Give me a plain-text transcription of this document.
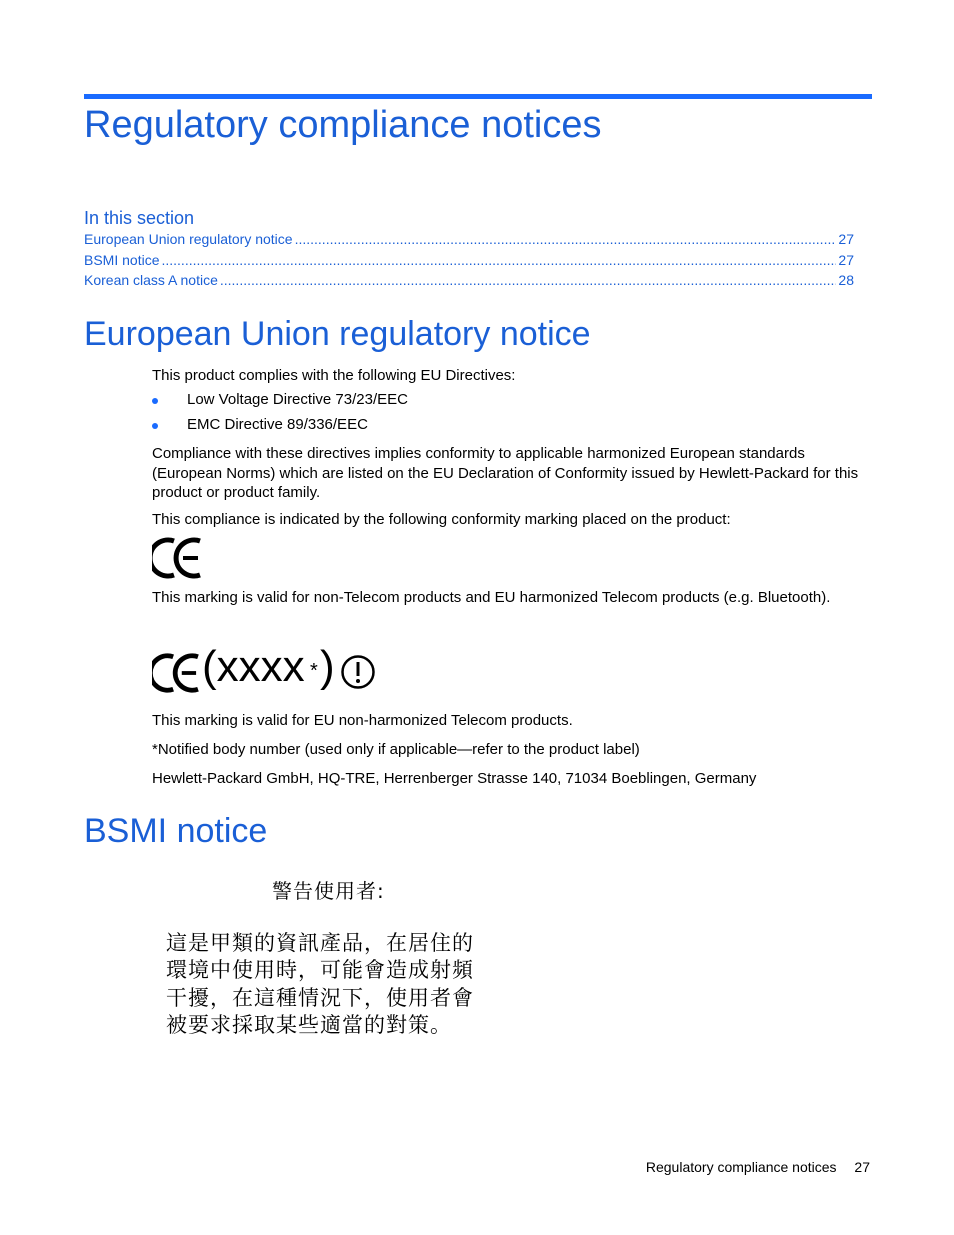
Regulatory compliance notices
In this section
European Union regulatory notice .....	27
BSMI notice .....	27
Korean class A notice .....	28
European Union regulatory notice

This product complies with the following EU Directives:

Low Voltage Directive 73/23/EEC
EMC Directive 89/336/EEC

Compliance with these directives implies conformity to applicable harmonized European standards (European Norms) which are listed on the EU Declaration of Conformity issued by Hewlett-Packard for this product or product family.

This compliance is indicated by the following conformity marking placed on the product:

This marking is valid for non-Telecom products and EU harmonized Telecom products (e.g. Bluetooth).

(xxxx * )

This marking is valid for EU non-harmonized Telecom products.

*Notified body number (used only if applicable—refer to the product label)

Hewlett-Packard GmbH, HQ-TRE, Herrenberger Strasse 140, 71034 Boeblingen, Germany

BSMI notice
警告使用者:
這是甲類的資訊產品，在居住的
環境中使用時，可能會造成射頻
干擾，在這種情況下，使用者會
被要求採取某些適當的對策。
Regulatory compliance notices 27
